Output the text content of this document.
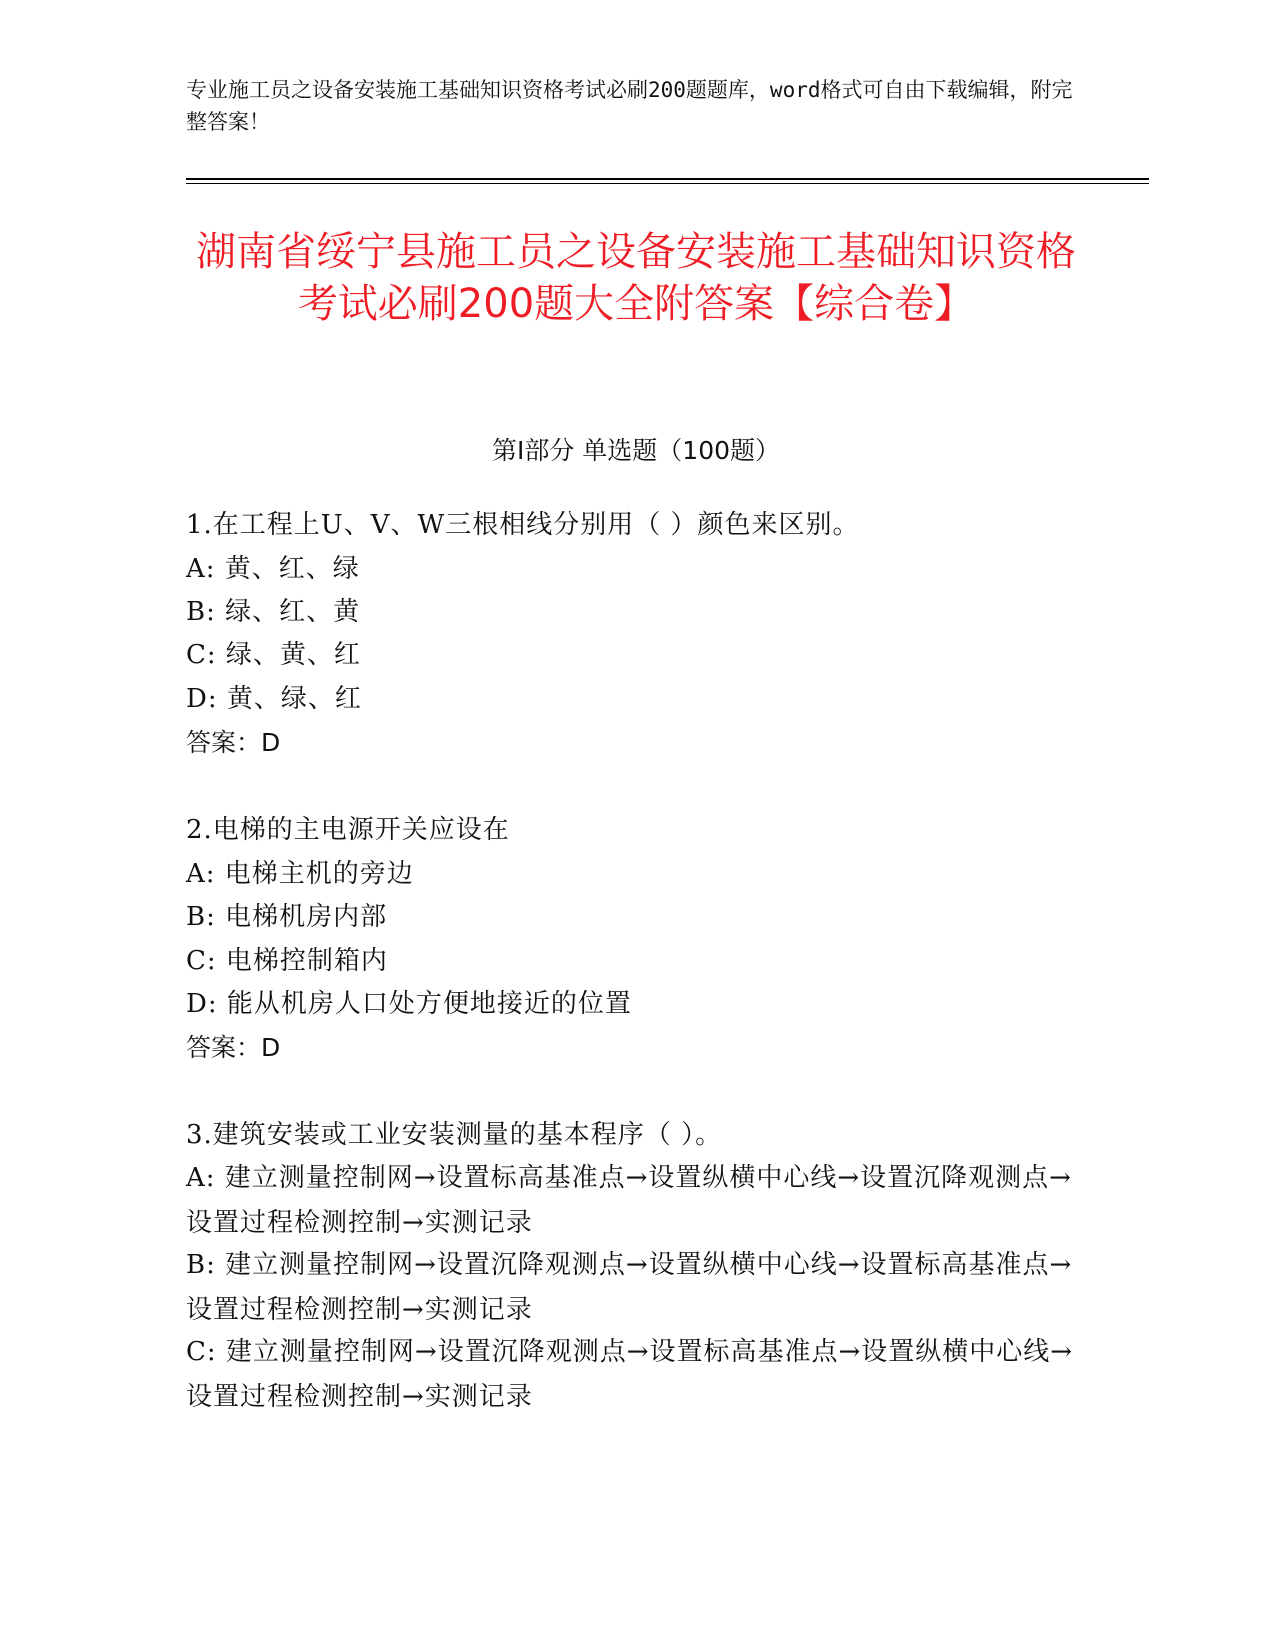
专业施工员之设备安装施工基础知识资格考试必刷200题题库，word格式可自由下载编辑，附完整答案！
湖南省绥宁县施工员之设备安装施工基础知识资格考试必刷200题大全附答案【综合卷】
第I部分 单选题（100题）
1.在工程上U、V、W三根相线分别用（ ）颜色来区别。
A: 黄、红、绿
B: 绿、红、黄
C: 绿、黄、红
D: 黄、绿、红
答案：D
2.电梯的主电源开关应设在
A: 电梯主机的旁边
B: 电梯机房内部
C: 电梯控制箱内
D: 能从机房人口处方便地接近的位置
答案：D
3.建筑安装或工业安装测量的基本程序（ ）。
A: 建立测量控制网→设置标高基准点→设置纵横中心线→设置沉降观测点→设置过程检测控制→实测记录
B: 建立测量控制网→设置沉降观测点→设置纵横中心线→设置标高基准点→设置过程检测控制→实测记录
C: 建立测量控制网→设置沉降观测点→设置标高基准点→设置纵横中心线→设置过程检测控制→实测记录
